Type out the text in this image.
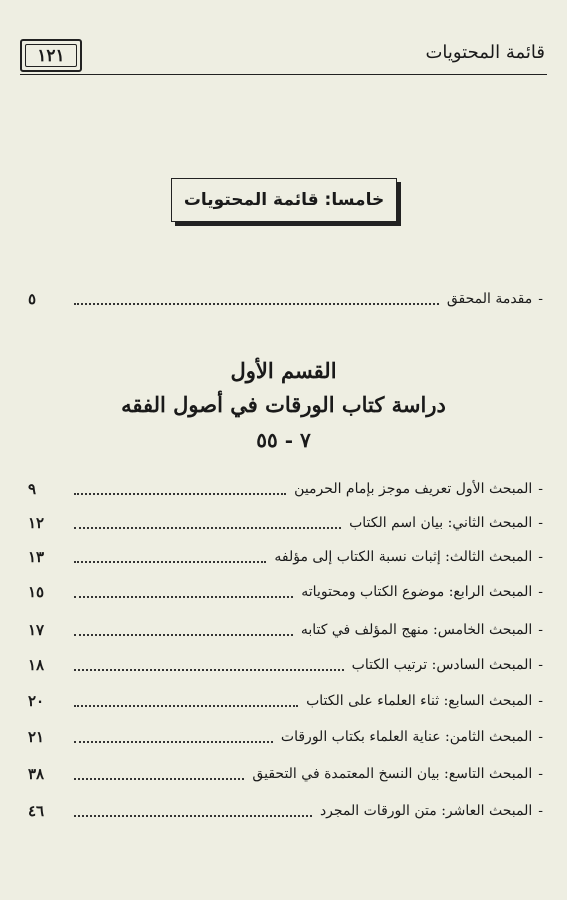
١٢١	قائمة المحتويات
خامسا: قائمة المحتويات
-
مقدمة المحقق
٥
القسم الأول
دراسة كتاب الورقات في أصول الفقه
٧ - ٥٥
-
المبحث الأول تعريف موجز بإمام الحرمين
٩
-
المبحث الثاني: بيان اسم الكتاب
١٢
-
المبحث الثالث: إثبات نسبة الكتاب إلى مؤلفه
١٣
-
المبحث الرابع: موضوع الكتاب ومحتوياته
١٥
-
المبحث الخامس: منهج المؤلف في كتابه
١٧
-
المبحث السادس: ترتيب الكتاب
١٨
-
المبحث السابع: ثناء العلماء على الكتاب
٢٠
-
المبحث الثامن: عناية العلماء بكتاب الورقات
٢١
-
المبحث التاسع: بيان النسخ المعتمدة في التحقيق
٣٨
-
المبحث العاشر: متن الورقات المجرد
٤٦
